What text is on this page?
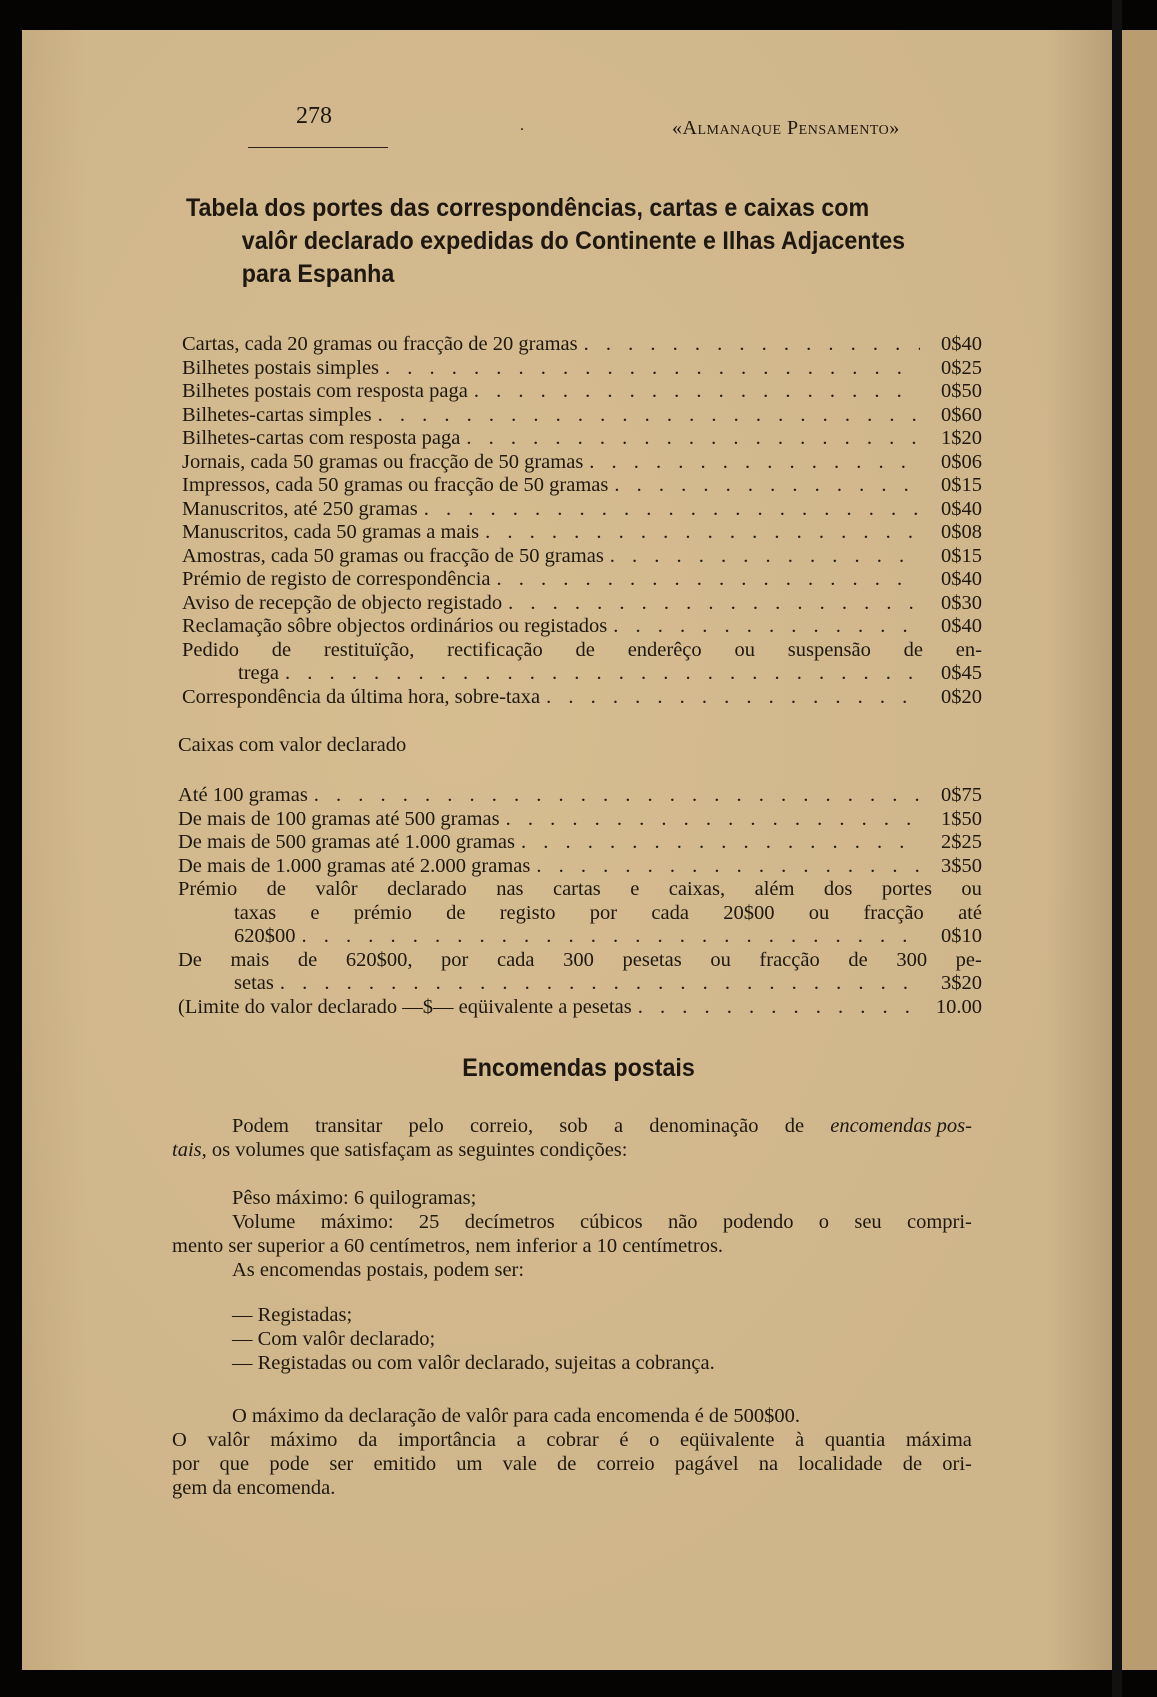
278	.	«Almanaque Pensamento»
Tabela dos portes das correspondências, cartas e caixas com
valôr declarado expedidas do Continente e Ilhas Adjacentes
para Espanha
Cartas, cada 20 gramas ou fracção de 20 gramas . . .	0$40
Bilhetes postais simples . . .	0$25
Bilhetes postais com resposta paga . . .	0$50
Bilhetes-cartas simples . . .	0$60
Bilhetes-cartas com resposta paga . . .	1$20
Jornais, cada 50 gramas ou fracção de 50 gramas . . .	0$06
Impressos, cada 50 gramas ou fracção de 50 gramas . . .	0$15
Manuscritos, até 250 gramas . . .	0$40
Manuscritos, cada 50 gramas a mais . . .	0$08
Amostras, cada 50 gramas ou fracção de 50 gramas . . .	0$15
Prémio de registo de correspondência . . .	0$40
Aviso de recepção de objecto registado . . .	0$30
Reclamação sôbre objectos ordinários ou registados . . .	0$40
Pedido de restituïção, rectificação de enderêço ou suspensão de en-
trega . . .	0$45
Correspondência da última hora, sobre-taxa . . .	0$20
Caixas com valor declarado
Até 100 gramas . . .	0$75
De mais de 100 gramas até 500 gramas . . .	1$50
De mais de 500 gramas até 1.000 gramas . . .	2$25
De mais de 1.000 gramas até 2.000 gramas . . .	3$50
Prémio de valôr declarado nas cartas e caixas, além dos portes ou
taxas e prémio de registo por cada 20$00 ou fracção até
620$00 . . .	0$10
De mais de 620$00, por cada 300 pesetas ou fracção de 300 pe-
setas . . .	3$20
(Limite do valor declarado —$— eqüivalente a pesetas . . .	10.00
Encomendas postais
Podem transitar pelo correio, sob a denominação de encomendas pos-
tais, os volumes que satisfaçam as seguintes condições:
Pêso máximo: 6 quilogramas;
Volume máximo: 25 decímetros cúbicos não podendo o seu compri-
mento ser superior a 60 centímetros, nem inferior a 10 centímetros.
As encomendas postais, podem ser:
— Registadas;
— Com valôr declarado;
— Registadas ou com valôr declarado, sujeitas a cobrança.
O máximo da declaração de valôr para cada encomenda é de 500$00.
O valôr máximo da importância a cobrar é o eqüivalente à quantia máxima
por que pode ser emitido um vale de correio pagável na localidade de ori-
gem da encomenda.
